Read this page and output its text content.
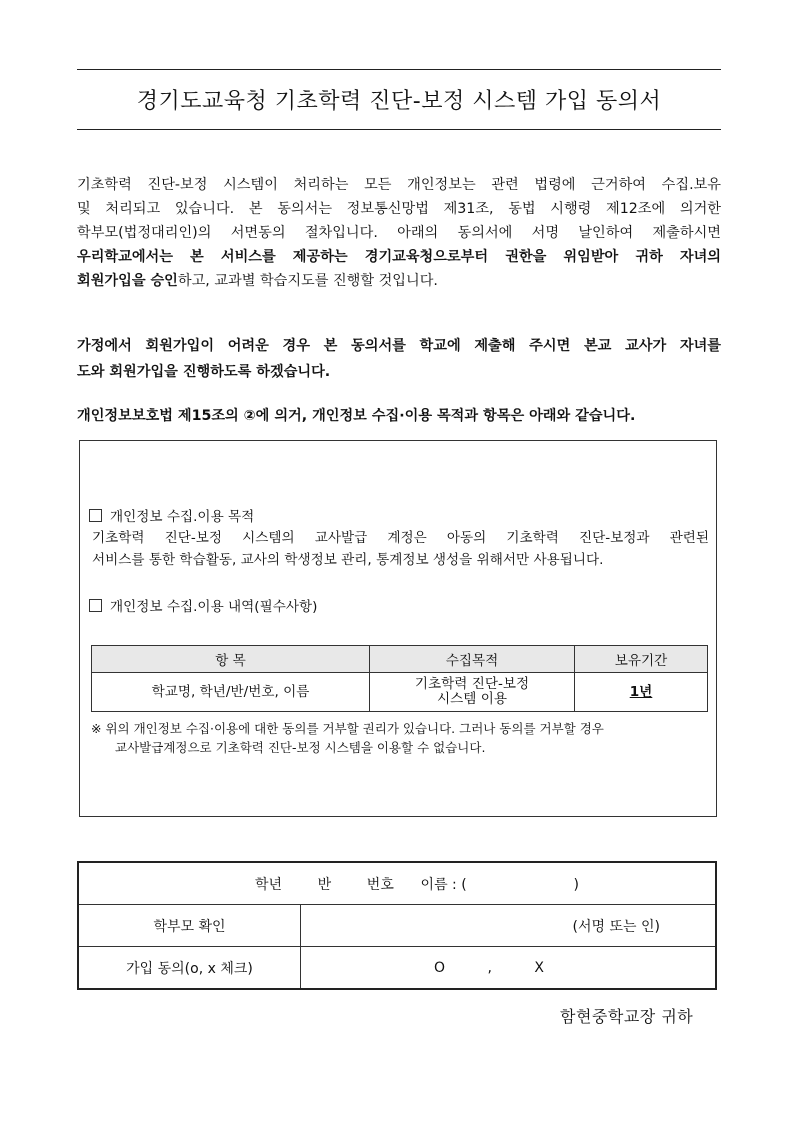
경기도교육청 기초학력 진단-보정 시스템 가입 동의서
기초학력 진단-보정 시스템이 처리하는 모든 개인정보는 관련 법령에 근거하여 수집.보유
및 처리되고 있습니다. 본 동의서는 정보통신망법 제31조, 동법 시행령 제12조에 의거한
학부모(법정대리인)의 서면동의 절차입니다. 아래의 동의서에 서명 날인하여 제출하시면
우리학교에서는 본 서비스를 제공하는 경기교육청으로부터 권한을 위임받아 귀하 자녀의
회원가입을 승인하고, 교과별 학습지도를 진행할 것입니다.
가정에서 회원가입이 어려운 경우 본 동의서를 학교에 제출해 주시면 본교 교사가 자녀를
도와 회원가입을 진행하도록 하겠습니다.
개인정보보호법 제15조의 ②에 의거, 개인정보 수집·이용 목적과 항목은 아래와 같습니다.
개인정보 수집.이용 목적
기초학력 진단-보정 시스템의 교사발급 계정은 아동의 기초학력 진단-보정과 관련된
서비스를 통한 학습활동, 교사의 학생정보 관리, 통계정보 생성을 위해서만 사용됩니다.
개인정보 수집.이용 내역(필수사항)
항 목	수집목적	보유기간
학교명, 학년/반/번호, 이름	기초학력 진단-보정
시스템 이용	1년
※ 위의 개인정보 수집·이용에 대한 동의를 거부할 권리가 있습니다. 그러나 동의를 거부할 경우
교사발급계정으로 기초학력 진단-보정 시스템을 이용할 수 없습니다.
학년        반        번호      이름 : (                        )	
학부모 확인	(서명 또는 인)
가입 동의(o, x 체크)	O , X
함현중학교장 귀하
